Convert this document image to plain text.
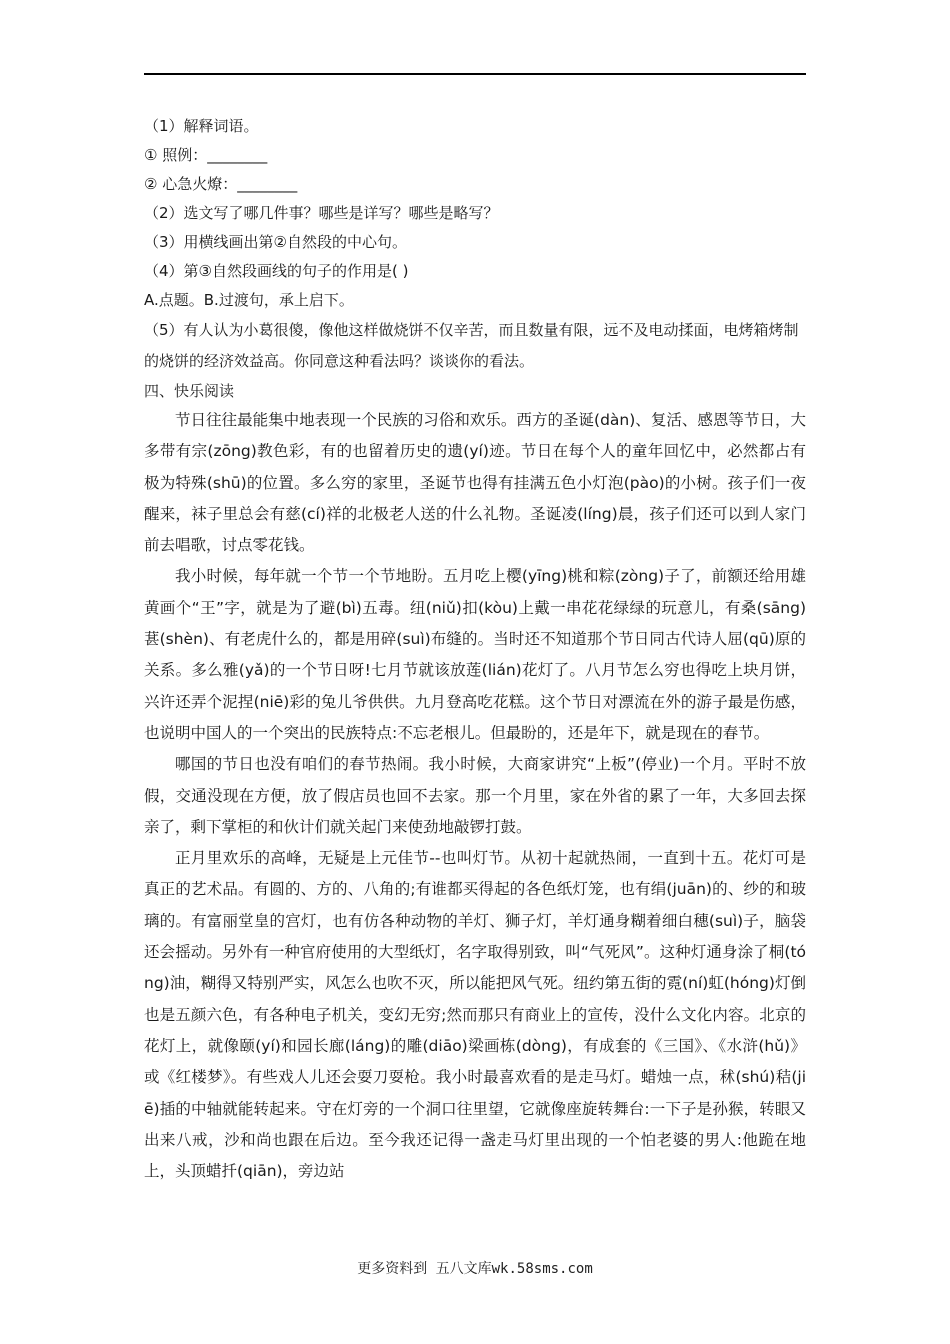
（1）解释词语。

① 照例：________

② 心急火燎：________

（2）选文写了哪几件事？哪些是详写？哪些是略写？

（3）用横线画出第②自然段的中心句。

（4）第③自然段画线的句子的作用是( )

A.点题。B.过渡句，承上启下。

（5）有人认为小葛很傻，像他这样做烧饼不仅辛苦，而且数量有限，远不及电动揉面，电烤箱烤制的烧饼的经济效益高。你同意这种看法吗？谈谈你的看法。

四、快乐阅读

节日往往最能集中地表现一个民族的习俗和欢乐。西方的圣诞(dàn)、复活、感恩等节日，大多带有宗(zōng)教色彩，有的也留着历史的遗(yí)迹。节日在每个人的童年回忆中，必然都占有极为特殊(shū)的位置。多么穷的家里，圣诞节也得有挂满五色小灯泡(pào)的小树。孩子们一夜醒来，袜子里总会有慈(cí)祥的北极老人送的什么礼物。圣诞凌(líng)晨，孩子们还可以到人家门前去唱歌，讨点零花钱。

我小时候，每年就一个节一个节地盼。五月吃上樱(yīng)桃和粽(zòng)子了，前额还给用雄黄画个“王”字，就是为了避(bì)五毒。纽(niǔ)扣(kòu)上戴一串花花绿绿的玩意儿，有桑(sāng)葚(shèn)、有老虎什么的，都是用碎(suì)布缝的。当时还不知道那个节日同古代诗人屈(qū)原的关系。多么雅(yǎ)的一个节日呀!七月节就该放莲(lián)花灯了。八月节怎么穷也得吃上块月饼，兴许还弄个泥捏(niē)彩的兔儿爷供供。九月登高吃花糕。这个节日对漂流在外的游子最是伤感，也说明中国人的一个突出的民族特点:不忘老根儿。但最盼的，还是年下，就是现在的春节。

哪国的节日也没有咱们的春节热闹。我小时候，大商家讲究“上板”(停业)一个月。平时不放假，交通没现在方便，放了假店员也回不去家。那一个月里，家在外省的累了一年，大多回去探亲了，剩下掌柜的和伙计们就关起门来使劲地敲锣打鼓。

正月里欢乐的高峰，无疑是上元佳节--也叫灯节。从初十起就热闹，一直到十五。花灯可是真正的艺术品。有圆的、方的、八角的;有谁都买得起的各色纸灯笼，也有绢(juān)的、纱的和玻璃的。有富丽堂皇的宫灯，也有仿各种动物的羊灯、狮子灯，羊灯通身糊着细白穗(suì)子，脑袋还会摇动。另外有一种官府使用的大型纸灯，名字取得别致，叫“气死风”。这种灯通身涂了桐(tóng)油，糊得又特别严实，风怎么也吹不灭，所以能把风气死。纽约第五街的霓(ní)虹(hóng)灯倒也是五颜六色，有各种电子机关，变幻无穷;然而那只有商业上的宣传，没什么文化内容。北京的花灯上，就像颐(yí)和园长廊(láng)的雕(diāo)梁画栋(dòng)，有成套的《三国》、《水浒(hǔ)》或《红楼梦》。有些戏人儿还会耍刀耍枪。我小时最喜欢看的是走马灯。蜡烛一点，秫(shú)秸(jiē)插的中轴就能转起来。守在灯旁的一个洞口往里望，它就像座旋转舞台:一下子是孙猴，转眼又出来八戒，沙和尚也跟在后边。至今我还记得一盏走马灯里出现的一个怕老婆的男人:他跪在地上，头顶蜡扦(qiān)，旁边站

更多资料到 五八文库wk.58sms.com
